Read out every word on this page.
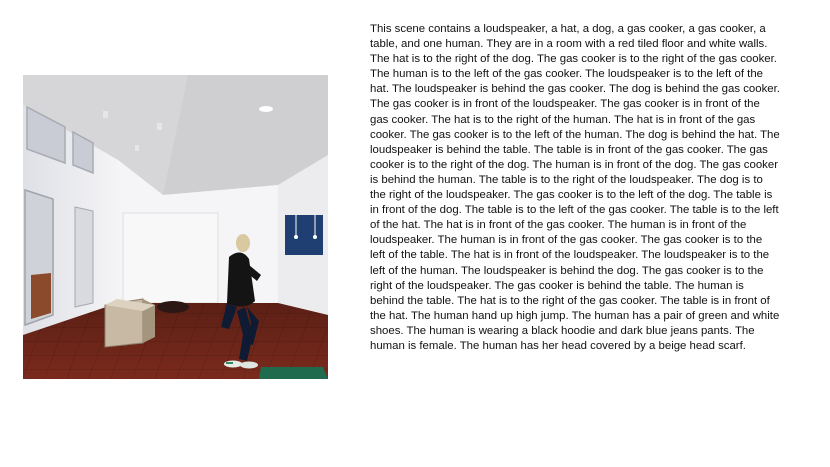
This scene contains a loudspeaker, a hat, a dog, a gas cooker, a gas cooker, a table, and one human. They are in a room with a red tiled floor and white walls. The hat is to the right of the dog. The gas cooker is to the right of the gas cooker. The human is to the left of the gas cooker. The loudspeaker is to the left of the hat. The loudspeaker is behind the gas cooker. The dog is behind the gas cooker. The gas cooker is in front of the loudspeaker. The gas cooker is in front of the gas cooker. The hat is to the right of the human. The hat is in front of the gas cooker. The gas cooker is to the left of the human. The dog is behind the hat. The loudspeaker is behind the table. The table is in front of the gas cooker. The gas cooker is to the right of the dog. The human is in front of the dog. The gas cooker is behind the human. The table is to the right of the loudspeaker. The dog is to the right of the loudspeaker. The gas cooker is to the left of the dog. The table is in front of the dog. The table is to the left of the gas cooker. The table is to the left of the hat. The hat is in front of the gas cooker. The human is in front of the loudspeaker. The human is in front of the gas cooker. The gas cooker is to the left of the table. The hat is in front of the loudspeaker. The loudspeaker is to the left of the human. The loudspeaker is behind the dog. The gas cooker is to the right of the loudspeaker. The gas cooker is behind the table. The human is behind the table. The hat is to the right of the gas cooker. The table is in front of the hat. The human hand up high jump. The human has a pair of green and white shoes. The human is wearing a black hoodie and dark blue jeans pants. The human is female. The human has her head covered by a beige head scarf.
